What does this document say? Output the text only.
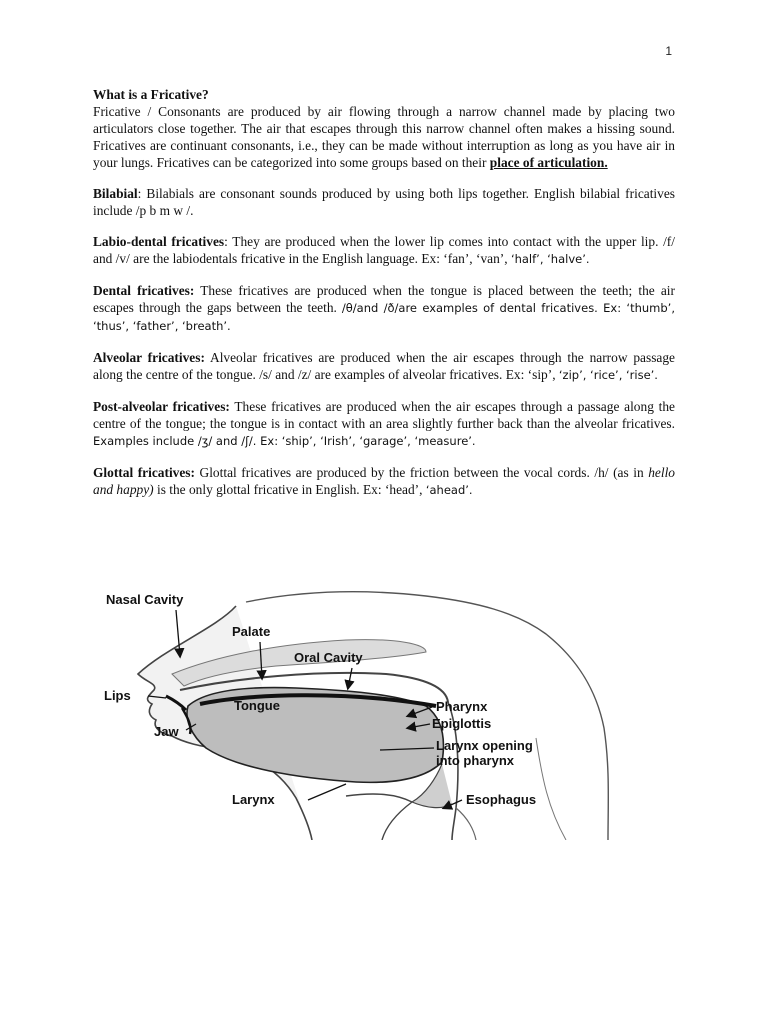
1

What is a Fricative?
Fricative / Consonants are produced by air flowing through a narrow channel made by placing two articulators close together. The air that escapes through this narrow channel often makes a hissing sound. Fricatives are continuant consonants, i.e., they can be made without interruption as long as you have air in your lungs. Fricatives can be categorized into some groups based on their place of articulation.

Bilabial: Bilabials are consonant sounds produced by using both lips together. English bilabial fricatives include /p b m w /.

Labio-dental fricatives: They are produced when the lower lip comes into contact with the upper lip. /f/ and /v/ are the labiodentals fricative in the English language. Ex: ‘fan’, ‘van’, ‘half’, ‘halve’.

Dental fricatives: These fricatives are produced when the tongue is placed between the teeth; the air escapes through the gaps between the teeth. /θ/and /ð/are examples of dental fricatives. Ex: ‘thumb’, ‘thus’, ‘father’, ‘breath’.

Alveolar fricatives: Alveolar fricatives are produced when the air escapes through the narrow passage along the centre of the tongue. /s/ and /z/ are examples of alveolar fricatives. Ex: ‘sip’, ‘zip’, ‘rice’, ‘rise’.

Post-alveolar fricatives: These fricatives are produced when the air escapes through a passage along the centre of the tongue; the tongue is in contact with an area slightly further back than the alveolar fricatives. Examples include /ʒ/ and /ʃ/. Ex: ‘ship’, ‘Irish’, ‘garage’, ‘measure’.

Glottal fricatives: Glottal fricatives are produced by the friction between the vocal cords. /h/ (as in hello and happy) is the only glottal fricative in English. Ex: ‘head’, ‘ahead’.

Nasal Cavity
Palate
Oral Cavity
Lips
Tongue
Jaw
Pharynx
Epiglottis
Larynx opening
into pharynx
Larynx	Esophagus
